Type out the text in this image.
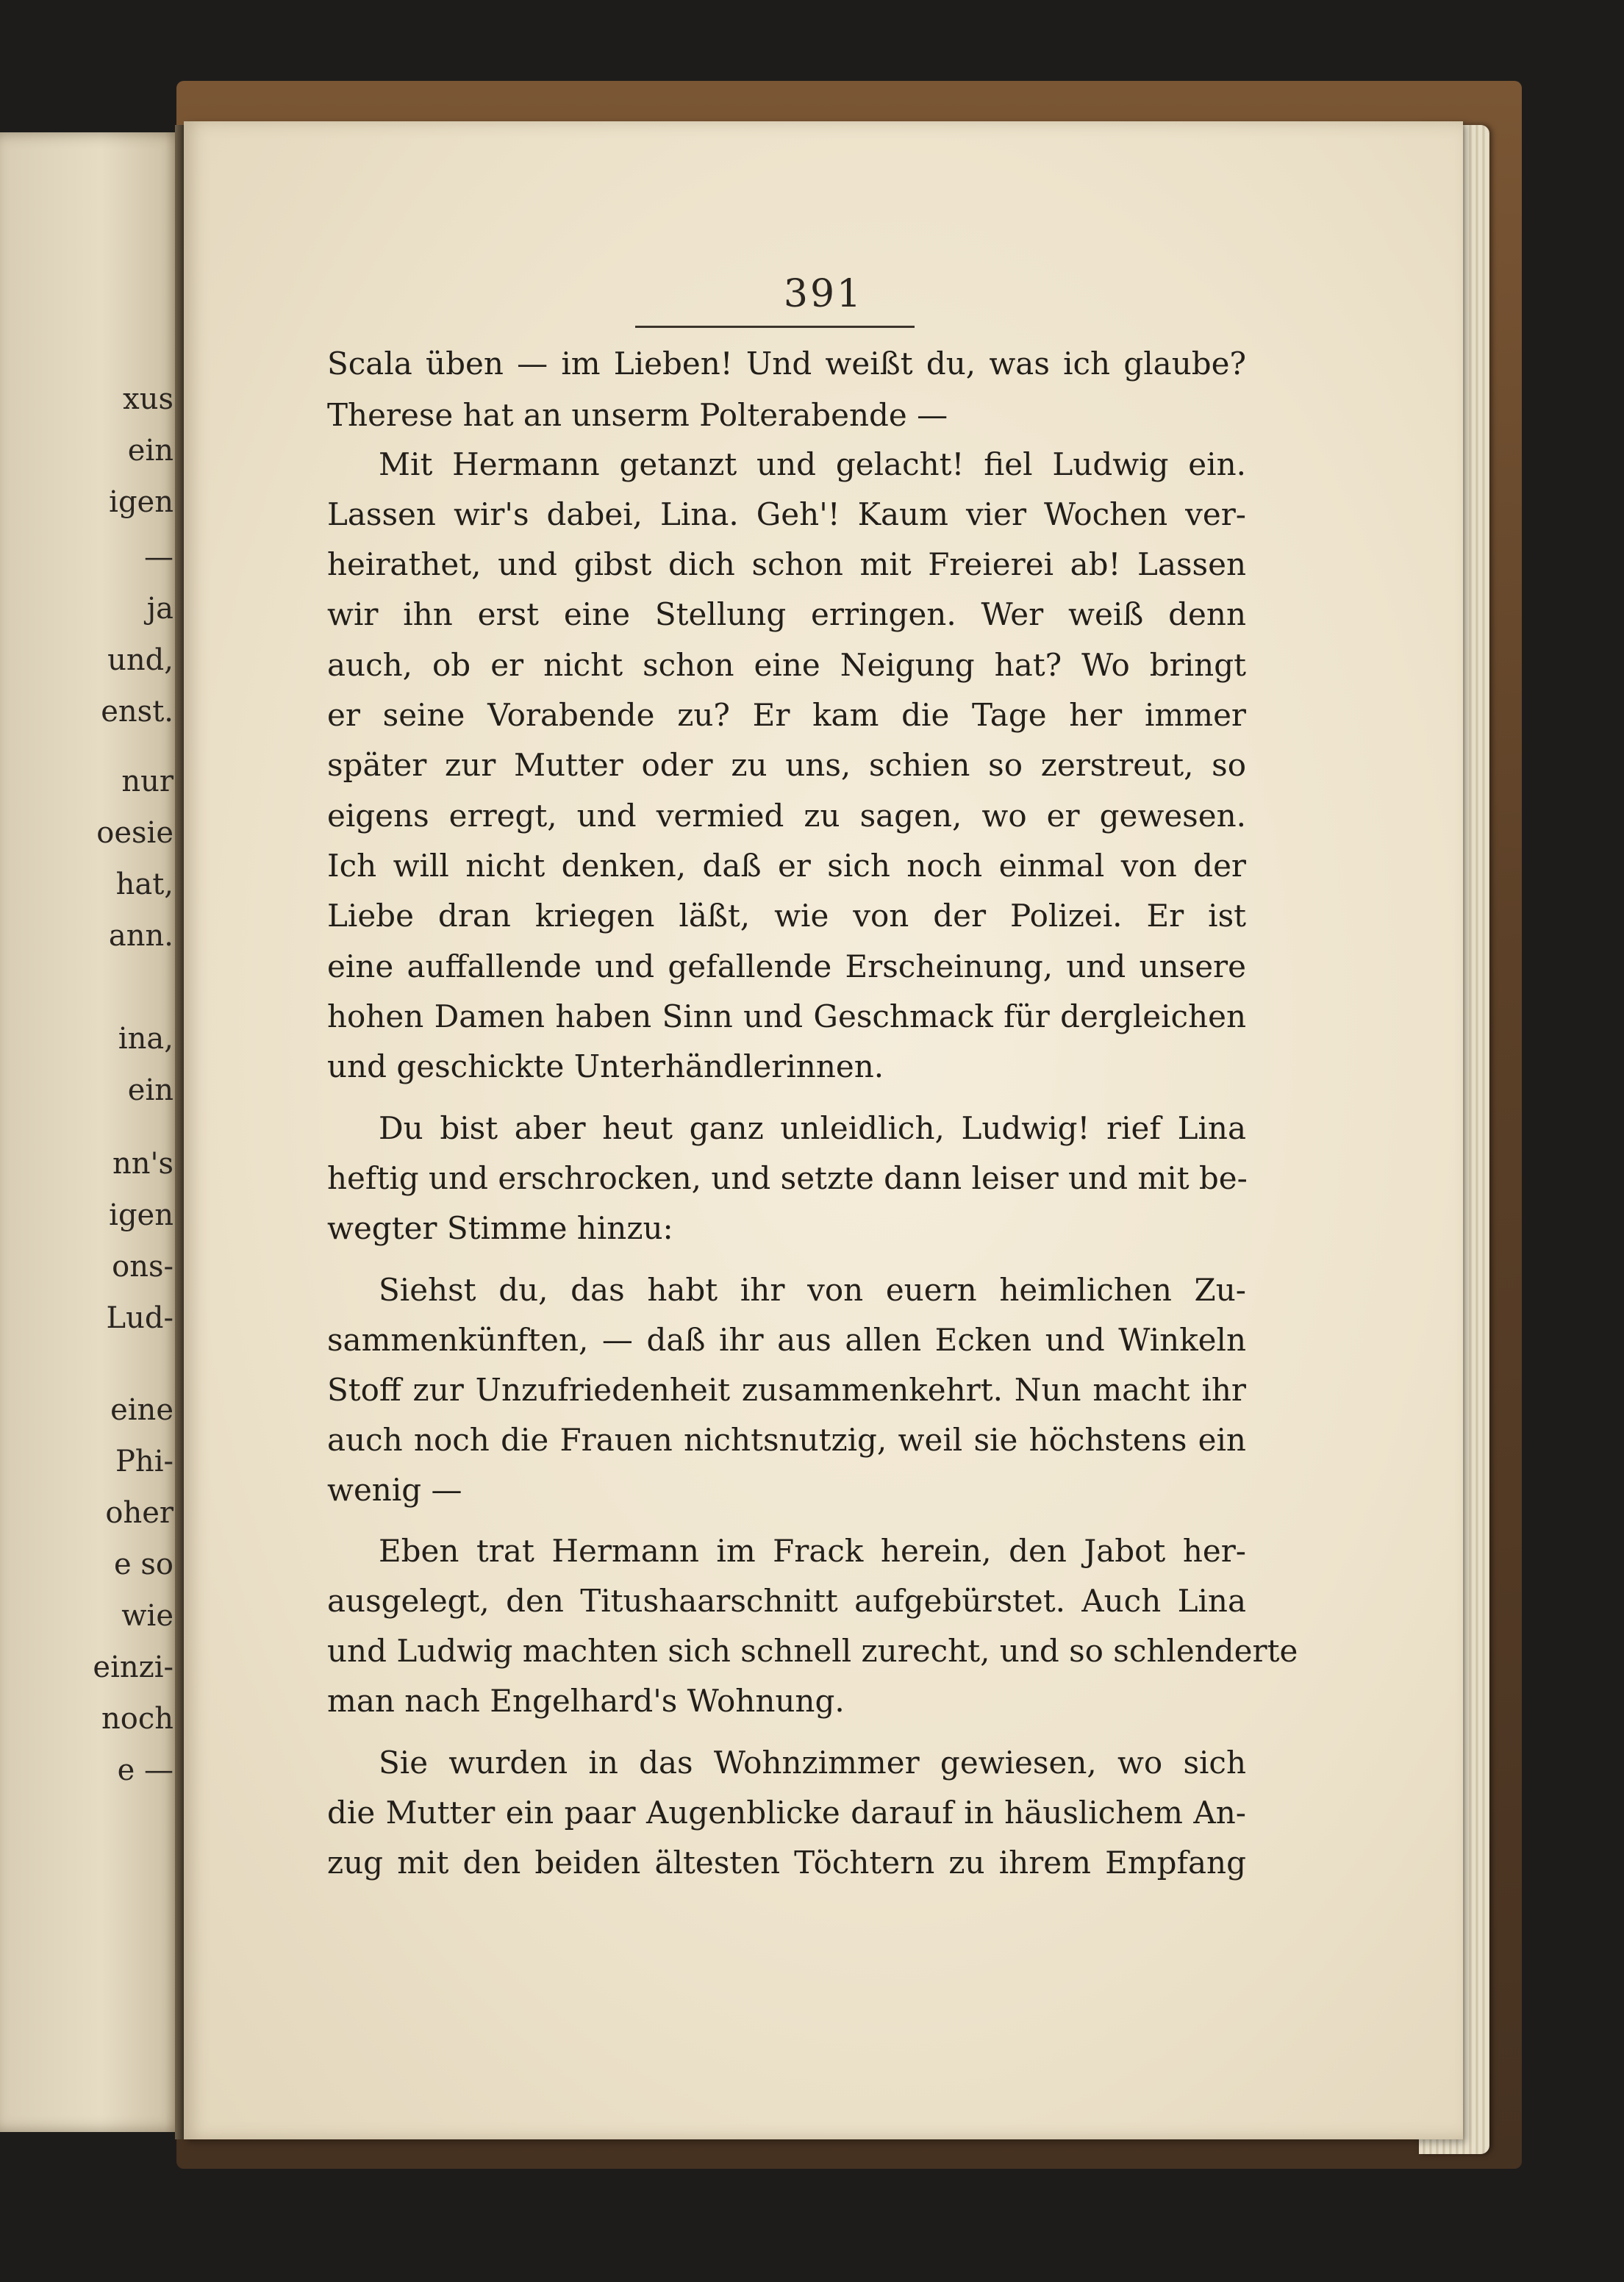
xus

ein

igen

—

ja

und,

enst.

nur

oesie

hat,

ann.

ina,

ein

nn's

igen

ons-

Lud-

eine

Phi-

oher

e so

wie

einzi-

noch

e —

391

Scala üben — im Lieben! Und weißt du, was ich glaube?

Therese hat an unserm Polterabende —

Mit Hermann getanzt und gelacht! fiel Ludwig ein.

Lassen wir's dabei, Lina. Geh'! Kaum vier Wochen ver-

heirathet, und gibst dich schon mit Freierei ab! Lassen

wir ihn erst eine Stellung erringen. Wer weiß denn

auch, ob er nicht schon eine Neigung hat? Wo bringt

er seine Vorabende zu? Er kam die Tage her immer

später zur Mutter oder zu uns, schien so zerstreut, so

eigens erregt, und vermied zu sagen, wo er gewesen.

Ich will nicht denken, daß er sich noch einmal von der

Liebe dran kriegen läßt, wie von der Polizei. Er ist

eine auffallende und gefallende Erscheinung, und unsere

hohen Damen haben Sinn und Geschmack für dergleichen

und geschickte Unterhändlerinnen.

Du bist aber heut ganz unleidlich, Ludwig! rief Lina

heftig und erschrocken, und setzte dann leiser und mit be-

wegter Stimme hinzu:

Siehst du, das habt ihr von euern heimlichen Zu-

sammenkünften, — daß ihr aus allen Ecken und Winkeln

Stoff zur Unzufriedenheit zusammenkehrt. Nun macht ihr

auch noch die Frauen nichtsnutzig, weil sie höchstens ein

wenig —

Eben trat Hermann im Frack herein, den Jabot her-

ausgelegt, den Titushaarschnitt aufgebürstet. Auch Lina

und Ludwig machten sich schnell zurecht, und so schlenderte

man nach Engelhard's Wohnung.

Sie wurden in das Wohnzimmer gewiesen, wo sich

die Mutter ein paar Augenblicke darauf in häuslichem An-

zug mit den beiden ältesten Töchtern zu ihrem Empfang
